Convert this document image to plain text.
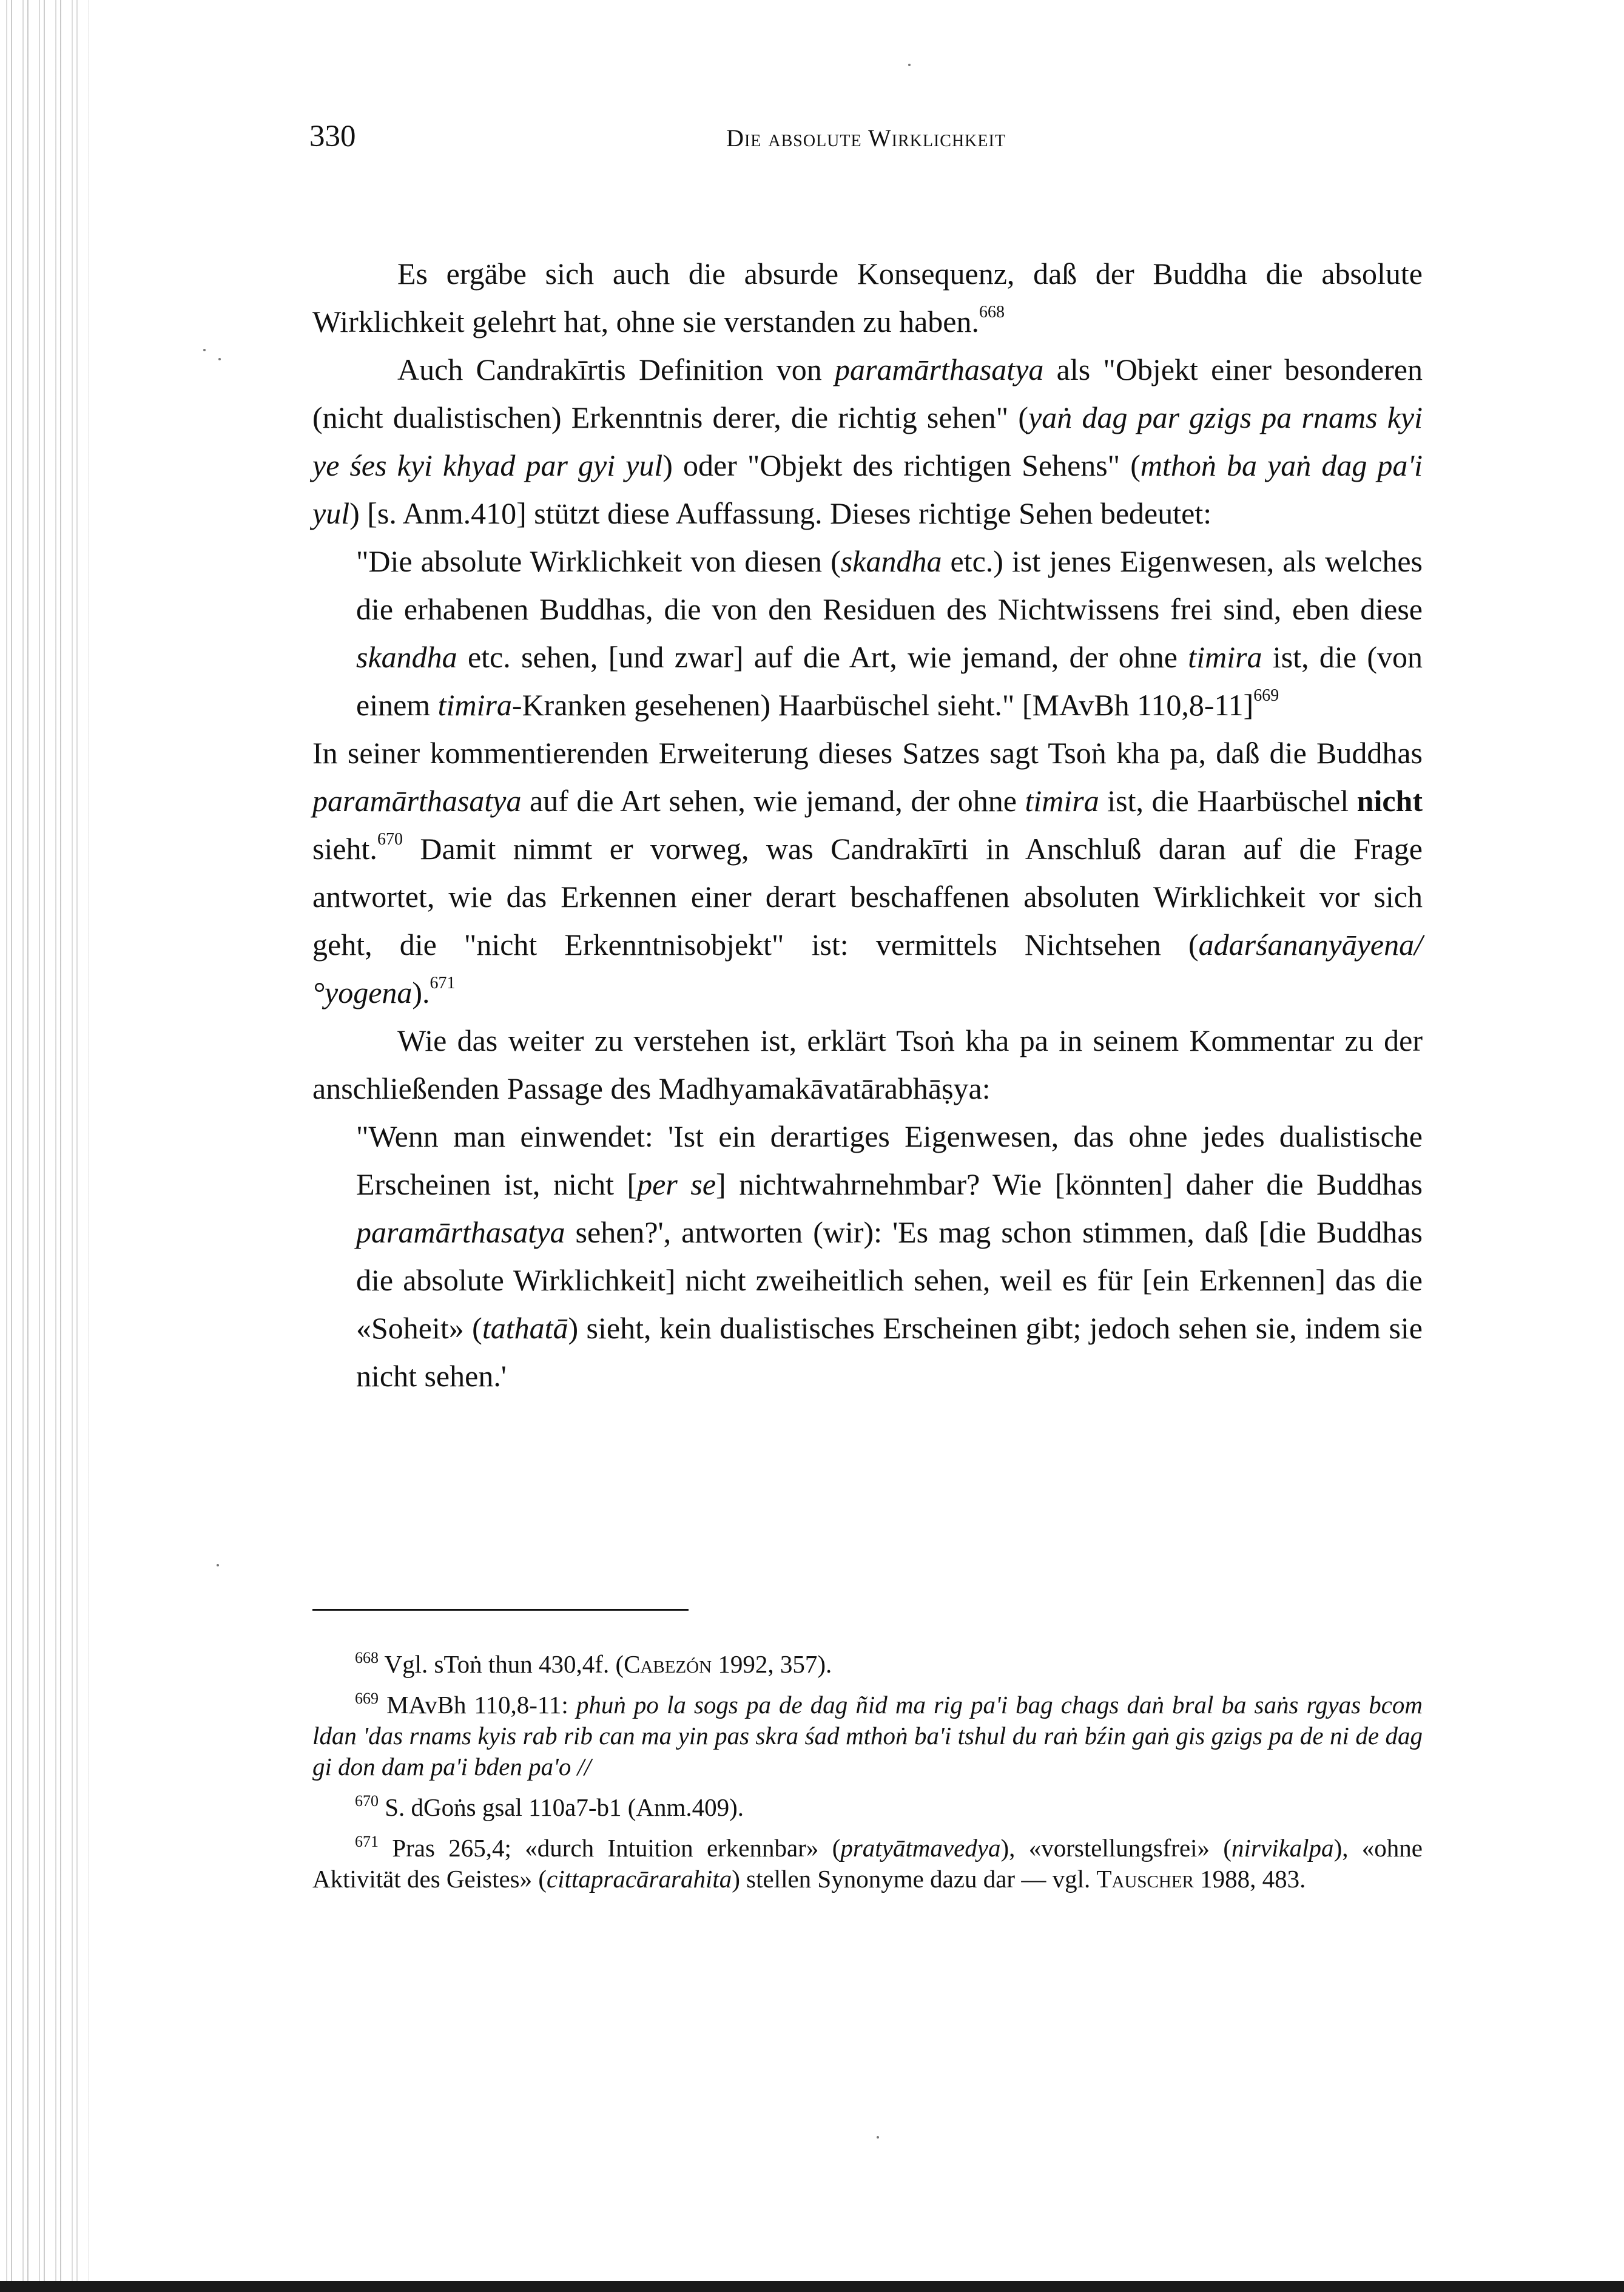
330	Die absolute Wirklichkeit

Es ergäbe sich auch die absurde Konsequenz, daß der Buddha die absolute Wirklichkeit gelehrt hat, ohne sie verstanden zu haben.$^{668}$

Auch Candrakīrtis Definition von paramārthasatya als "Objekt einer besonderen (nicht dualistischen) Erkenntnis derer, die richtig sehen" (yaṅ dag par gzigs pa rnams kyi ye śes kyi khyad par gyi yul) oder "Objekt des richtigen Sehens" (mthoṅ ba yaṅ dag pa'i yul) [s. Anm.410] stützt diese Auffassung. Dieses richtige Sehen bedeutet:

"Die absolute Wirklichkeit von diesen (skandha etc.) ist jenes Eigenwesen, als welches die erhabenen Buddhas, die von den Residuen des Nichtwissens frei sind, eben diese skandha etc. sehen, [und zwar] auf die Art, wie jemand, der ohne timira ist, die (von einem timira-Kranken gesehenen) Haarbüschel sieht." [MAvBh 110,8-11]$^{669}$

In seiner kommentierenden Erweiterung dieses Satzes sagt Tsoṅ kha pa, daß die Buddhas paramārthasatya auf die Art sehen, wie jemand, der ohne timira ist, die Haarbüschel nicht sieht.$^{670}$ Damit nimmt er vorweg, was Candrakīrti in Anschluß daran auf die Frage antwortet, wie das Erkennen einer derart beschaffenen absoluten Wirklichkeit vor sich geht, die "nicht Erkenntnisobjekt" ist: vermittels Nichtsehen (adarśananyāyena/°yogena).$^{671}$

Wie das weiter zu verstehen ist, erklärt Tsoṅ kha pa in seinem Kommentar zu der anschließenden Passage des Madhyamakāvatārabhāṣya:

"Wenn man einwendet: 'Ist ein derartiges Eigenwesen, das ohne jedes dualistische Erscheinen ist, nicht [per se] nichtwahrnehmbar? Wie [könnten] daher die Buddhas paramārthasatya sehen?', antworten (wir): 'Es mag schon stimmen, daß [die Buddhas die absolute Wirklichkeit] nicht zweiheitlich sehen, weil es für [ein Erkennen] das die «Soheit» (tathatā) sieht, kein dualistisches Erscheinen gibt; jedoch sehen sie, indem sie nicht sehen.'

$^{668}$ Vgl. sToṅ thun 430,4f. (Cabezón 1992, 357).

$^{669}$ MAvBh 110,8-11: phuṅ po la sogs pa de dag ñid ma rig pa'i bag chags daṅ bral ba saṅs rgyas bcom ldan 'das rnams kyis rab rib can ma yin pas skra śad mthoṅ ba'i tshul du raṅ bźin gaṅ gis gzigs pa de ni de dag gi don dam pa'i bden pa'o //

$^{670}$ S. dGoṅs gsal 110a7-b1 (Anm.409).

$^{671}$ Pras 265,4; «durch Intuition erkennbar» (pratyātmavedya), «vorstellungsfrei» (nirvikalpa), «ohne Aktivität des Geistes» (cittapracārarahita) stellen Synonyme dazu dar — vgl. Tauscher 1988, 483.
